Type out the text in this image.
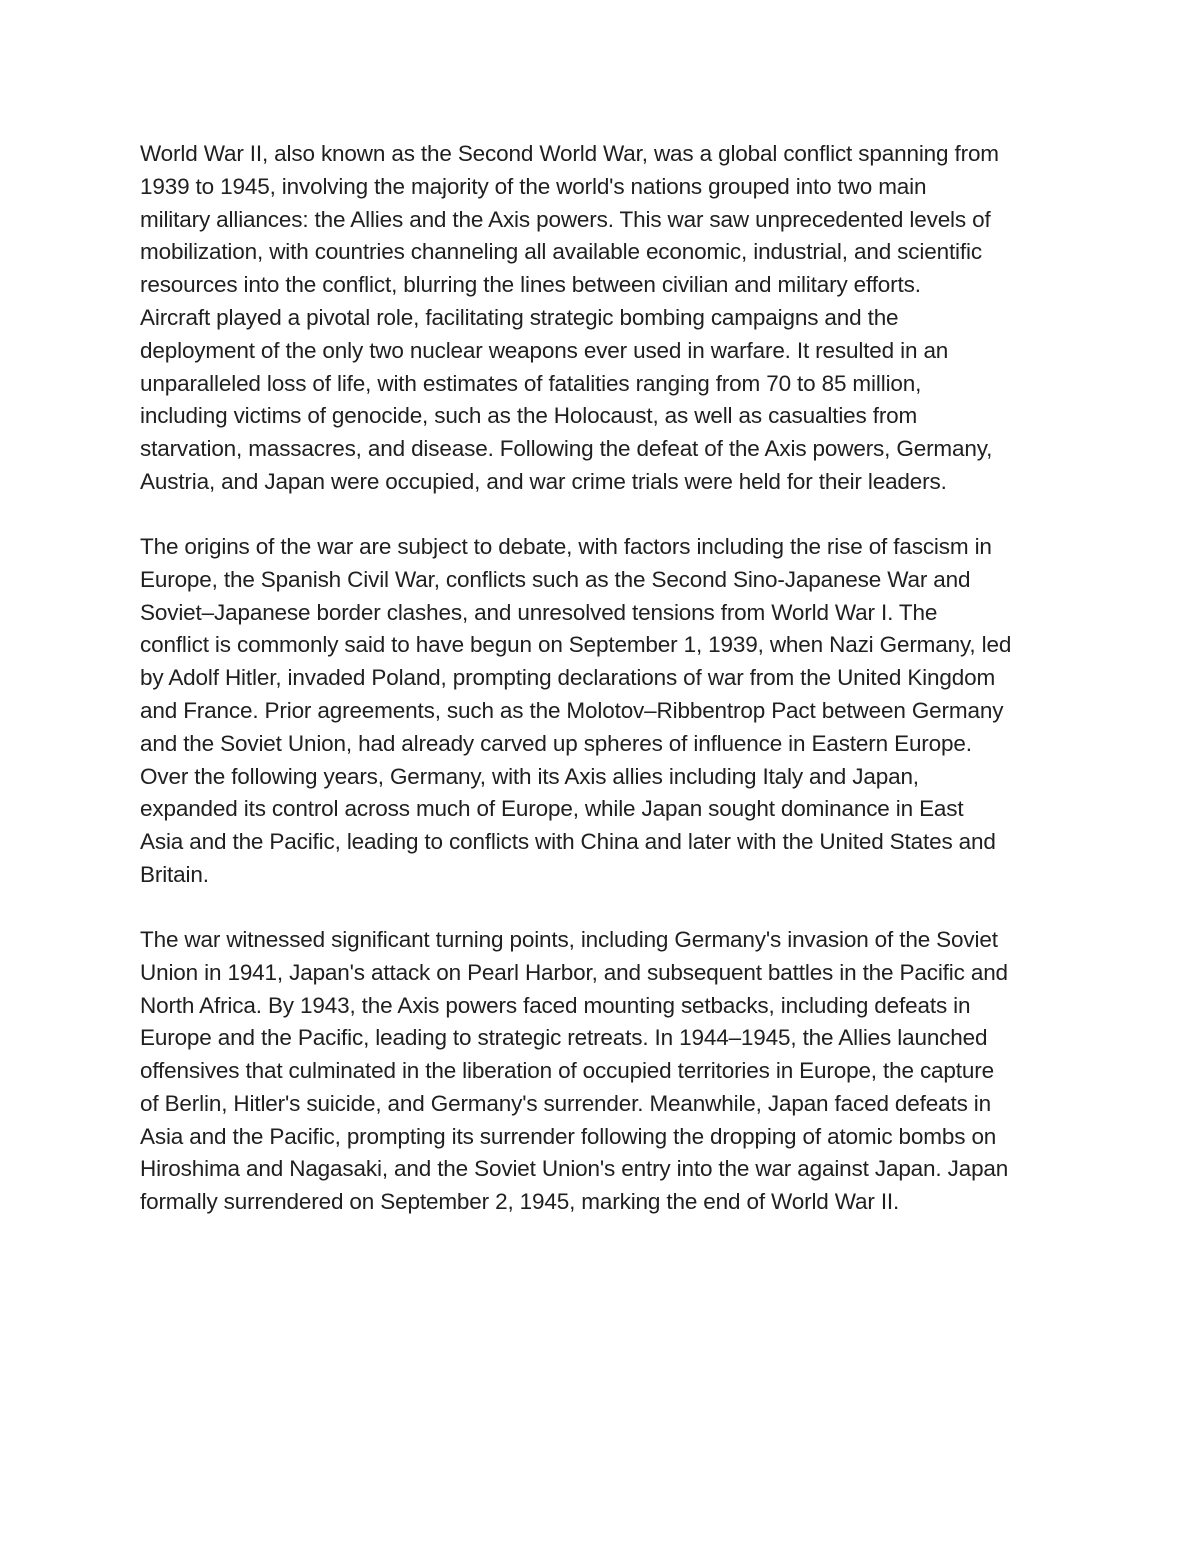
World War II, also known as the Second World War, was a global conflict spanning from
1939 to 1945, involving the majority of the world's nations grouped into two main
military alliances: the Allies and the Axis powers. This war saw unprecedented levels of
mobilization, with countries channeling all available economic, industrial, and scientific
resources into the conflict, blurring the lines between civilian and military efforts.
Aircraft played a pivotal role, facilitating strategic bombing campaigns and the
deployment of the only two nuclear weapons ever used in warfare. It resulted in an
unparalleled loss of life, with estimates of fatalities ranging from 70 to 85 million,
including victims of genocide, such as the Holocaust, as well as casualties from
starvation, massacres, and disease. Following the defeat of the Axis powers, Germany,
Austria, and Japan were occupied, and war crime trials were held for their leaders.
The origins of the war are subject to debate, with factors including the rise of fascism in
Europe, the Spanish Civil War, conflicts such as the Second Sino-Japanese War and
Soviet–Japanese border clashes, and unresolved tensions from World War I. The
conflict is commonly said to have begun on September 1, 1939, when Nazi Germany, led
by Adolf Hitler, invaded Poland, prompting declarations of war from the United Kingdom
and France. Prior agreements, such as the Molotov–Ribbentrop Pact between Germany
and the Soviet Union, had already carved up spheres of influence in Eastern Europe.
Over the following years, Germany, with its Axis allies including Italy and Japan,
expanded its control across much of Europe, while Japan sought dominance in East
Asia and the Pacific, leading to conflicts with China and later with the United States and
Britain.
The war witnessed significant turning points, including Germany's invasion of the Soviet
Union in 1941, Japan's attack on Pearl Harbor, and subsequent battles in the Pacific and
North Africa. By 1943, the Axis powers faced mounting setbacks, including defeats in
Europe and the Pacific, leading to strategic retreats. In 1944–1945, the Allies launched
offensives that culminated in the liberation of occupied territories in Europe, the capture
of Berlin, Hitler's suicide, and Germany's surrender. Meanwhile, Japan faced defeats in
Asia and the Pacific, prompting its surrender following the dropping of atomic bombs on
Hiroshima and Nagasaki, and the Soviet Union's entry into the war against Japan. Japan
formally surrendered on September 2, 1945, marking the end of World War II.
